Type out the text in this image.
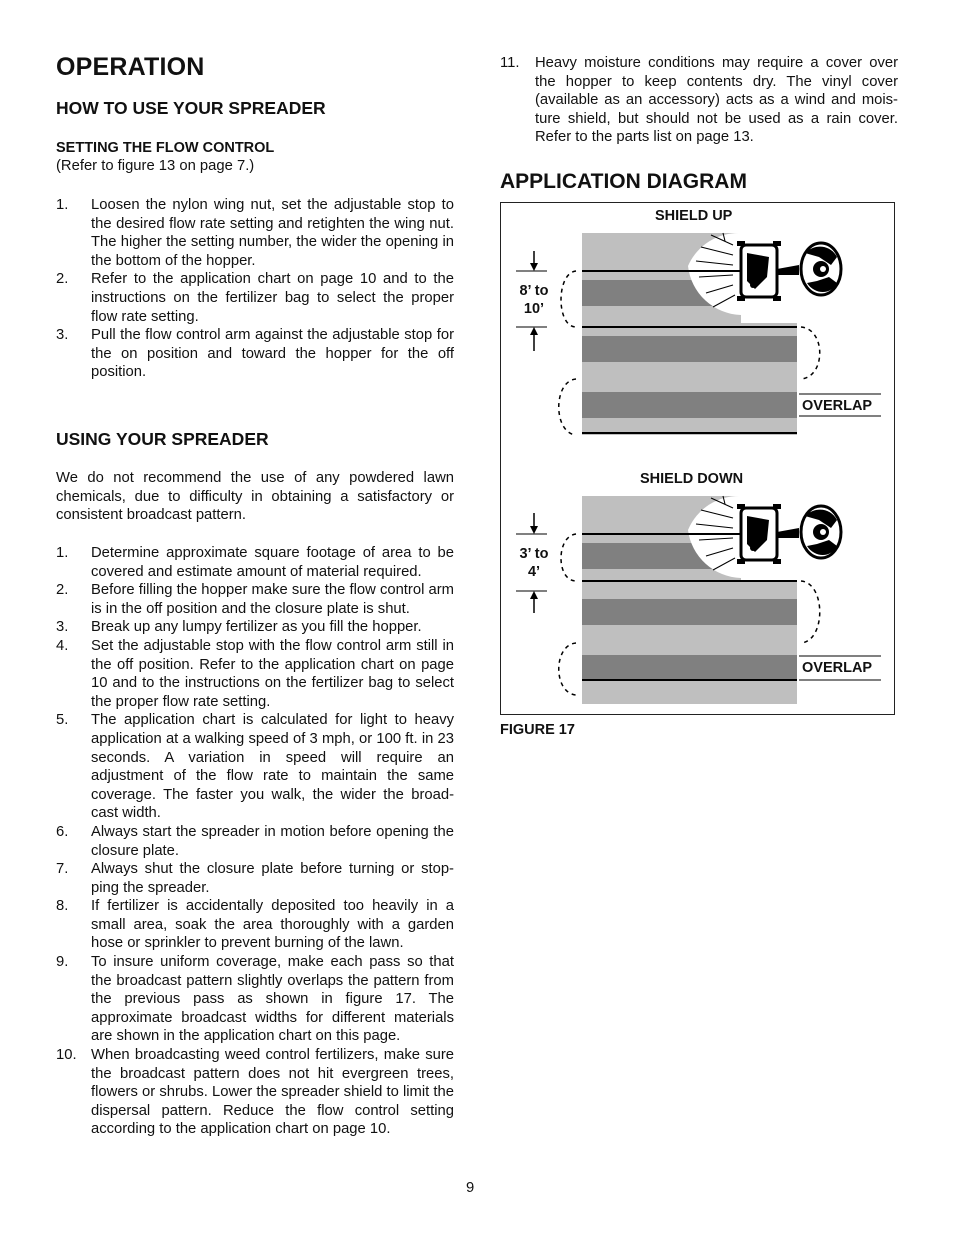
OPERATION
HOW TO USE YOUR SPREADER
SETTING THE FLOW CONTROL
(Refer to figure 13 on page 7.)
1. Loosen the nylon wing nut, set the adjustable stop to the desired flow rate setting and retighten the wing nut. The higher the setting number, the wider the opening in the bottom of the hopper.
2. Refer to the application chart on page 10 and to the instructions on the fertilizer bag to select the proper flow rate setting.
3. Pull the flow control arm against the adjustable stop for the on position and toward the hopper for the off position.
USING YOUR SPREADER
We do not recommend the use of any powdered lawn chemicals, due to difficulty in obtaining a satisfactory or consistent broadcast pattern.
1. Determine approximate square footage of area to be covered and estimate amount of material required.
2. Before filling the hopper make sure the flow control arm is in the off position and the closure plate is shut.
3. Break up any lumpy fertilizer as you fill the hopper.
4. Set the adjustable stop with the flow control arm still in the off position. Refer to the application chart on page 10 and to the instructions on the fertilizer bag to select the proper flow rate setting.
5. The application chart is calculated for light to heavy application at a walking speed of 3 mph, or 100 ft. in 23 seconds. A variation in speed will require an adjustment of the flow rate to maintain the same coverage. The faster you walk, the wider the broad-cast width.
6. Always start the spreader in motion before opening the closure plate.
7. Always shut the closure plate before turning or stop-ping the spreader.
8. If fertilizer is accidentally deposited too heavily in a small area, soak the area thoroughly with a garden hose or sprinkler to prevent burning of the lawn.
9. To insure uniform coverage, make each pass so that the broadcast pattern slightly overlaps the pattern from the previous pass as shown in figure 17. The approximate broadcast widths for different materials are shown in the application chart on this page.
10. When broadcasting weed control fertilizers, make sure the broadcast pattern does not hit evergreen trees, flowers or shrubs. Lower the spreader shield to limit the dispersal pattern. Reduce the flow control setting according to the application chart on page 10.
11. Heavy moisture conditions may require a cover over the hopper to keep contents dry. The vinyl cover (available as an accessory) acts as a wind and mois-ture shield, but should not be used as a rain cover. Refer to the parts list on page 13.
APPLICATION DIAGRAM
SHIELD UP
8’ to
10’
OVERLAP
SHIELD DOWN
3’ to
4’
OVERLAP
FIGURE 17
9
